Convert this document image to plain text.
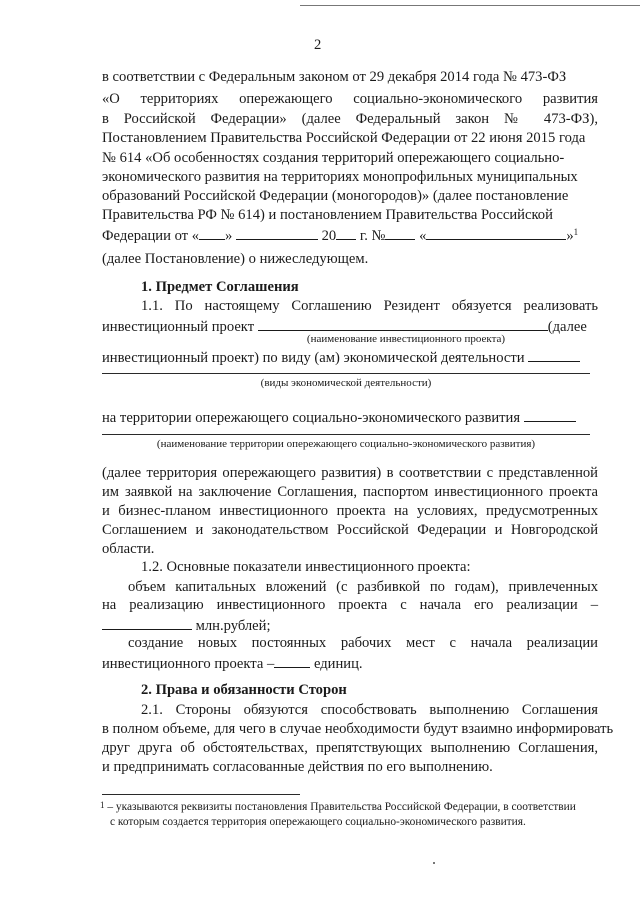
2
в соответствии с Федеральным законом от 29 декабря 2014 года № 473-ФЗ
«О территориях опережающего социально-экономического развития
в Российской Федерации» (далее Федеральный закон № 473-ФЗ),
Постановлением Правительства Российской Федерации от 22 июня 2015 года
№ 614 «Об особенностях создания территорий опережающего социально-
экономического развития на территориях монопрофильных муниципальных
образований Российской Федерации (моногородов)» (далее постановление
Правительства РФ № 614) и постановлением Правительства Российской
Федерации от « »	20 г. № «	»$^1$
(далее Постановление) о нижеследующем.
1. Предмет Соглашения
1.1. По настоящему Соглашению Резидент обязуется реализовать
инвестиционный проект	(далее
(наименование инвестиционного проекта)
инвестиционный проект) по виду (ам) экономической деятельности
(виды экономической деятельности)
на территории опережающего социально-экономического развития
(наименование территории опережающего социально-экономического развития)
(далее территория опережающего развития) в соответствии с представленной
им заявкой на заключение Соглашения, паспортом инвестиционного проекта
и бизнес-планом инвестиционного проекта на условиях, предусмотренных
Соглашением и законодательством Российской Федерации и Новгородской
области.
1.2. Основные показатели инвестиционного проекта:
объем капитальных вложений (с разбивкой по годам), привлеченных
на реализацию инвестиционного проекта с начала его реализации –
млн.рублей;
создание новых постоянных рабочих мест с начала реализации
инвестиционного проекта –	единиц.
2. Права и обязанности Сторон
2.1. Стороны обязуются способствовать выполнению Соглашения
в полном объеме, для чего в случае необходимости будут взаимно информировать
друг друга об обстоятельствах, препятствующих выполнению Соглашения,
и предпринимать согласованные действия по его выполнению.
$^1$ – указываются реквизиты постановления Правительства Российской Федерации, в соответствии
с которым создается территория опережающего социально-экономического развития.
